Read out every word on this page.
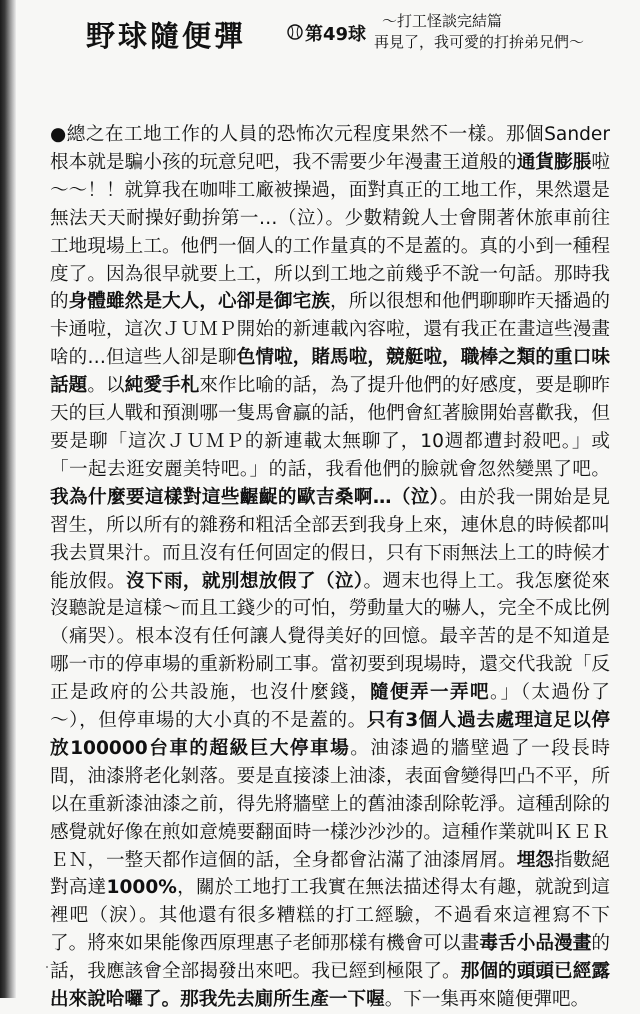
野球隨便彈	第49球
～打工怪談完結篇
再見了，我可愛的打拚弟兄們～

●總之在工地工作的人員的恐怖次元程度果然不一樣。那個Sander根本就是騙小孩的玩意兒吧，我不需要少年漫畫王道般的通貨膨脹啦～～！！就算我在咖啡工廠被操過，面對真正的工地工作，果然還是無法天天耐操好動拚第一…（泣）。少數精銳人士會開著休旅車前往工地現場上工。他們一個人的工作量真的不是蓋的。真的小到一種程度了。因為很早就要上工，所以到工地之前幾乎不說一句話。那時我的身體雖然是大人，心卻是御宅族，所以很想和他們聊聊昨天播過的卡通啦，這次ＪＵＭＰ開始的新連載內容啦，還有我正在畫這些漫畫啥的…但這些人卻是聊色情啦，賭馬啦，競艇啦，職棒之類的重口味話題。以純愛手札來作比喻的話，為了提升他們的好感度，要是聊昨天的巨人戰和預測哪一隻馬會贏的話，他們會紅著臉開始喜歡我，但要是聊「這次ＪＵＭＰ的新連載太無聊了，10週都遭封殺吧。」或「一起去逛安麗美特吧。」的話，我看他們的臉就會忽然變黑了吧。我為什麼要這樣對這些齷齪的歐吉桑啊…（泣）。由於我一開始是見習生，所以所有的雜務和粗活全部丟到我身上來，連休息的時候都叫我去買果汁。而且沒有任何固定的假日，只有下雨無法上工的時候才能放假。沒下雨，就別想放假了（泣）。週末也得上工。我怎麼從來沒聽說是這樣～而且工錢少的可怕，勞動量大的嚇人，完全不成比例（痛哭）。根本沒有任何讓人覺得美好的回憶。最辛苦的是不知道是哪一市的停車場的重新粉刷工事。當初要到現場時，還交代我說「反正是政府的公共設施，也沒什麼錢，隨便弄一弄吧。」（太過份了～），但停車場的大小真的不是蓋的。只有3個人過去處理這足以停放100000台車的超級巨大停車場。油漆過的牆壁過了一段長時間，油漆將老化剝落。要是直接漆上油漆，表面會變得凹凸不平，所以在重新漆油漆之前，得先將牆壁上的舊油漆刮除乾淨。這種刮除的感覺就好像在煎如意燒要翻面時一樣沙沙沙的。這種作業就叫ＫＥＲＥＮ，一整天都作這個的話，全身都會沾滿了油漆屑屑。埋怨指數絕對高達1000%，關於工地打工我實在無法描述得太有趣，就說到這裡吧（淚）。其他還有很多糟糕的打工經驗，不過看來這裡寫不下了。將來如果能像西原理惠子老師那樣有機會可以畫毒舌小品漫畫的話，我應該會全部揭發出來吧。我已經到極限了。那個的頭頭已經露出來說哈囉了。那我先去廁所生產一下喔。下一集再來隨便彈吧。
